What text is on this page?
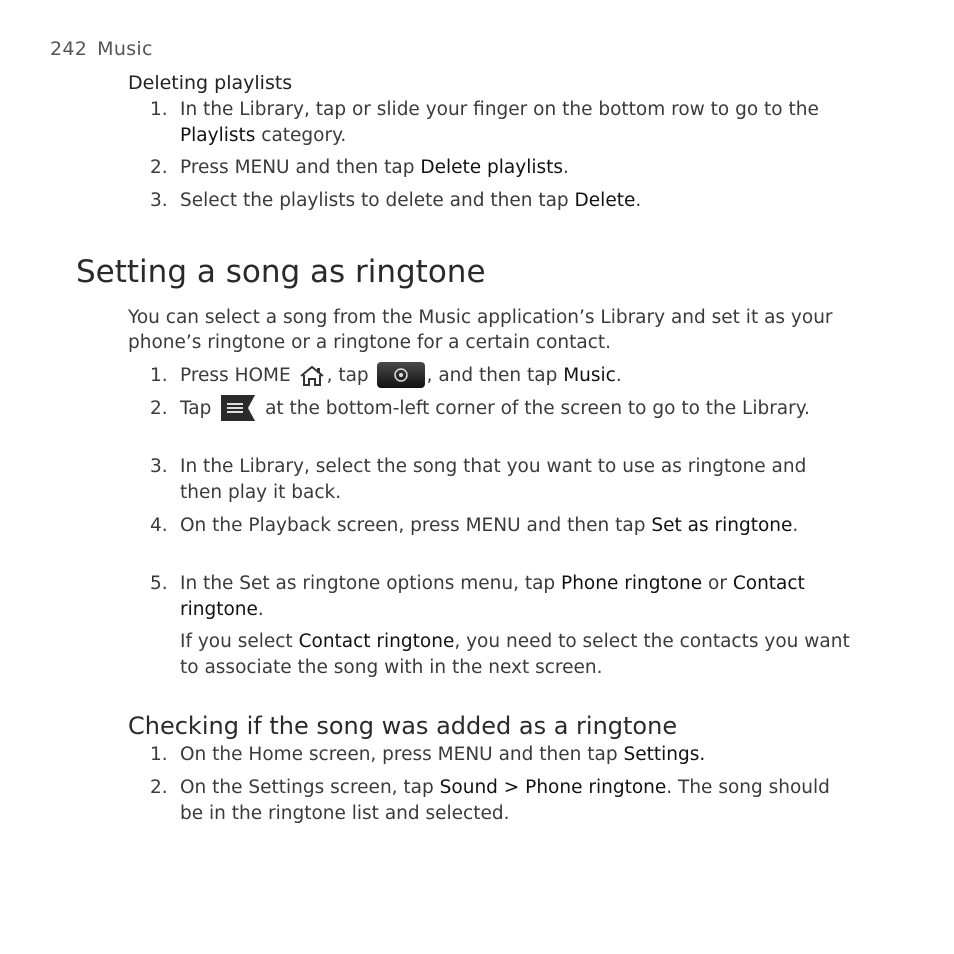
242 Music
Deleting playlists
1. In the Library, tap or slide your finger on the bottom row to go to the Playlists category.
2. Press MENU and then tap Delete playlists.
3. Select the playlists to delete and then tap Delete.
Setting a song as ringtone
You can select a song from the Music application’s Library and set it as your phone’s ringtone or a ringtone for a certain contact.
1. Press HOME , tap	, and then tap Music.
2. Tap  at the bottom-left corner of the screen to go to the Library.
3. In the Library, select the song that you want to use as ringtone and then play it back.
4. On the Playback screen, press MENU and then tap Set as ringtone.
5. In the Set as ringtone options menu, tap Phone ringtone or Contact ringtone.
If you select Contact ringtone, you need to select the contacts you want to associate the song with in the next screen.
Checking if the song was added as a ringtone
1. On the Home screen, press MENU and then tap Settings.
2. On the Settings screen, tap Sound > Phone ringtone. The song should be in the ringtone list and selected.
